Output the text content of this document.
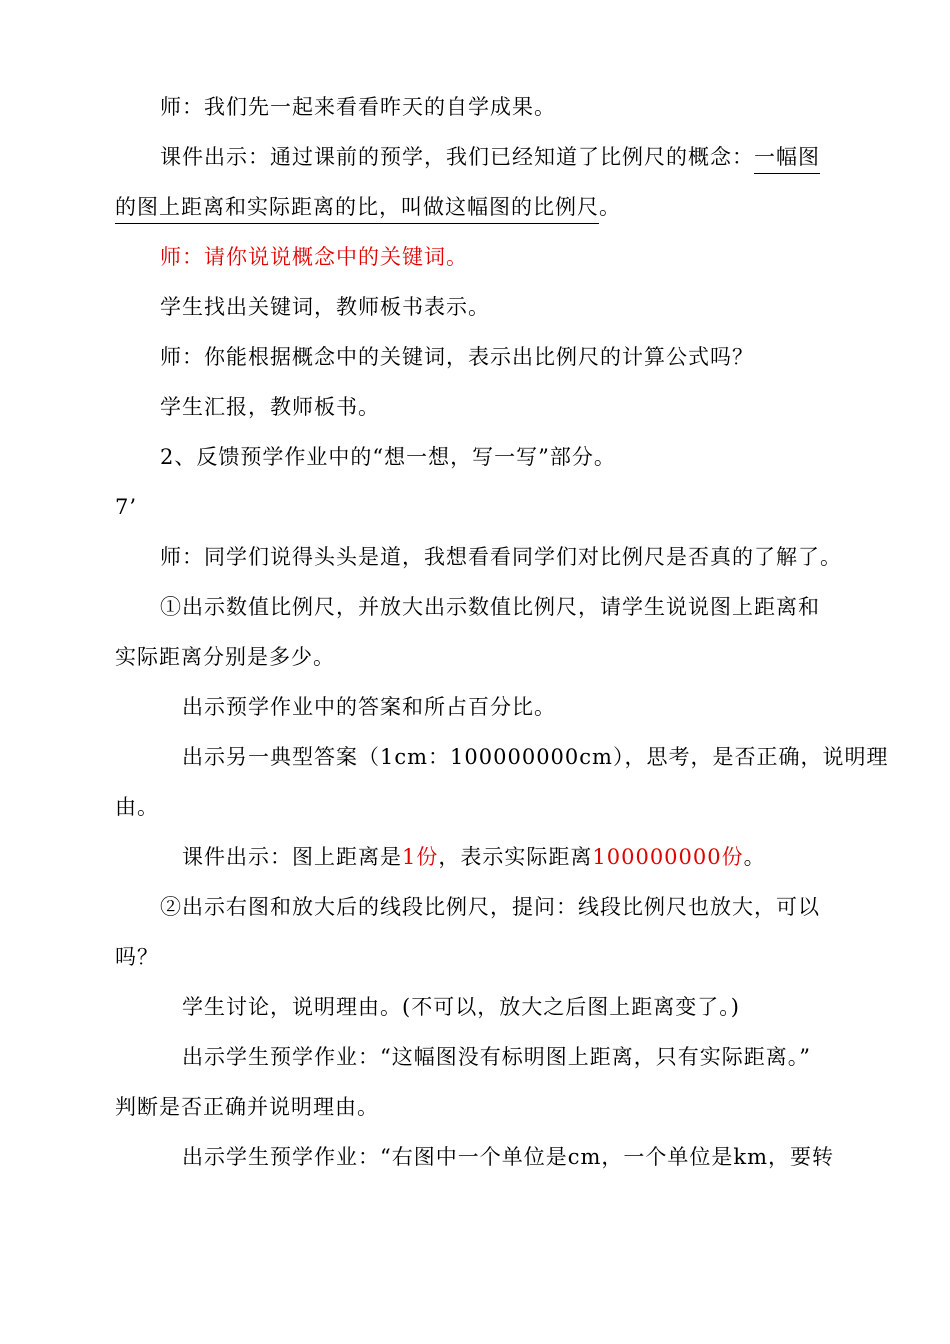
师：我们先一起来看看昨天的自学成果。
课件出示：通过课前的预学，我们已经知道了比例尺的概念：一幅图
的图上距离和实际距离的比，叫做这幅图的比例尺。
师：请你说说概念中的关键词。
学生找出关键词，教师板书表示。
师：你能根据概念中的关键词，表示出比例尺的计算公式吗？
学生汇报，教师板书。
2、反馈预学作业中的“想一想，写一写”部分。
7’
师：同学们说得头头是道，我想看看同学们对比例尺是否真的了解了。
①出示数值比例尺，并放大出示数值比例尺，请学生说说图上距离和
实际距离分别是多少。
出示预学作业中的答案和所占百分比。
出示另一典型答案（1cm：100000000cm），思考，是否正确，说明理
由。
课件出示：图上距离是1份，表示实际距离100000000份。
②出示右图和放大后的线段比例尺，提问：线段比例尺也放大，可以
吗？
学生讨论，说明理由。(不可以，放大之后图上距离变了。)
出示学生预学作业：“这幅图没有标明图上距离，只有实际距离。”
判断是否正确并说明理由。
出示学生预学作业：“右图中一个单位是cm，一个单位是km，要转
